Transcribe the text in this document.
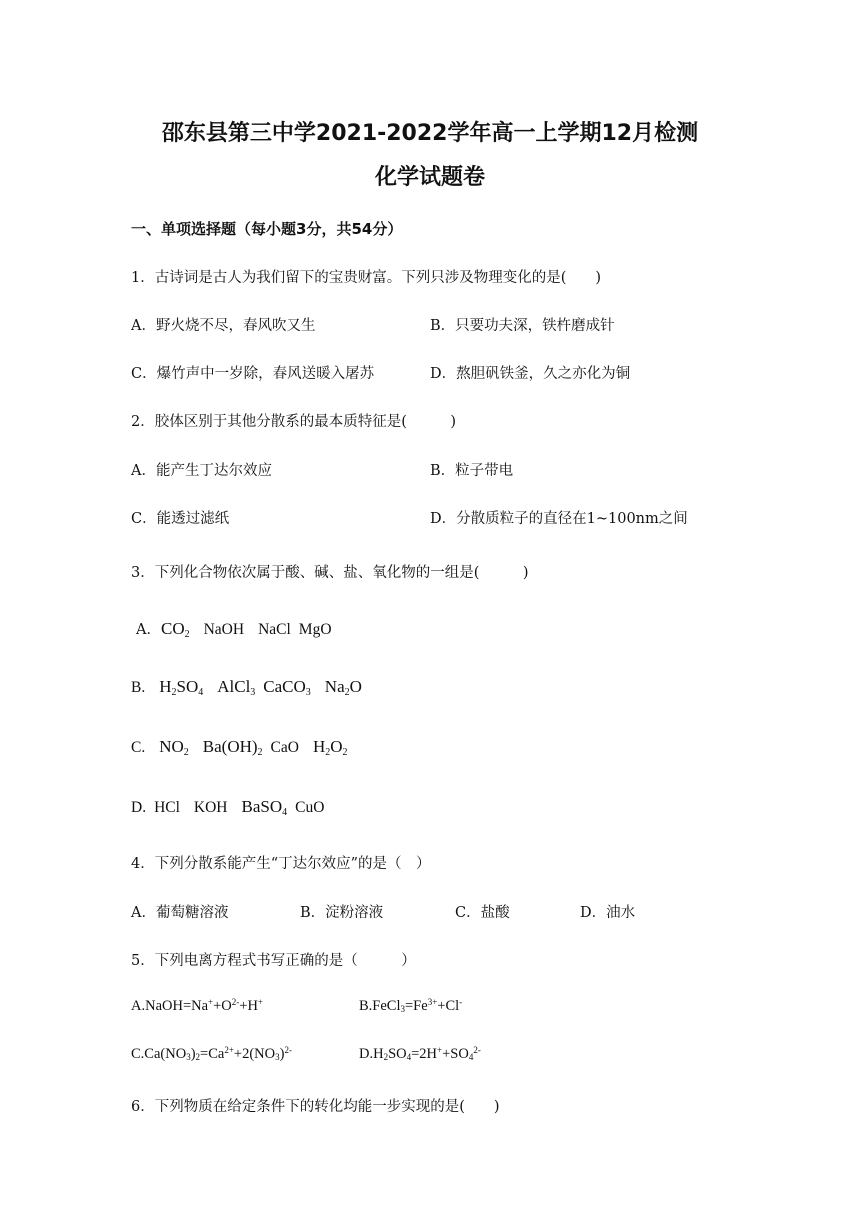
邵东县第三中学2021-2022学年高一上学期12月检测
化学试题卷
一、单项选择题（每小题3分，共54分）
1．古诗词是古人为我们留下的宝贵财富。下列只涉及物理变化的是(　　)
A．野火烧不尽，春风吹又生	B．只要功夫深，铁杵磨成针
C．爆竹声中一岁除，春风送暖入屠苏	D．熬胆矾铁釜，久之亦化为铜
2．胶体区别于其他分散系的最本质特征是(　　　)
A．能产生丁达尔效应	B．粒子带电
C．能透过滤纸	D．分散质粒子的直径在1~100nm之间
3．下列化合物依次属于酸、碱、盐、氧化物的一组是(　　　)
A．$CO_2$ NaOH NaCl MgO
B. $H_2SO_4$ AlCl$_3$ CaCO$_3$ $Na_2O$
C. $NO_2$ $Ba(OH)_2$ CaO $H_2O_2$
D. HCl KOH BaSO$_4$ CuO
4．下列分散系能产生“丁达尔效应”的是（　）
A．葡萄糖溶液	B．淀粉溶液	C．盐酸	D．油水
5．下列电离方程式书写正确的是（　　　）
$A.NaOH=Na^++O^{2-}+H^+$	$B.FeCl_3=Fe^{3+}+Cl^-$
$C.Ca(NO_3)_2=Ca^{2+}+2(NO_3)^{2-}$	$D.H_2SO_4=2H^++SO_4^{2-}$
6．下列物质在给定条件下的转化均能一步实现的是(　　)
